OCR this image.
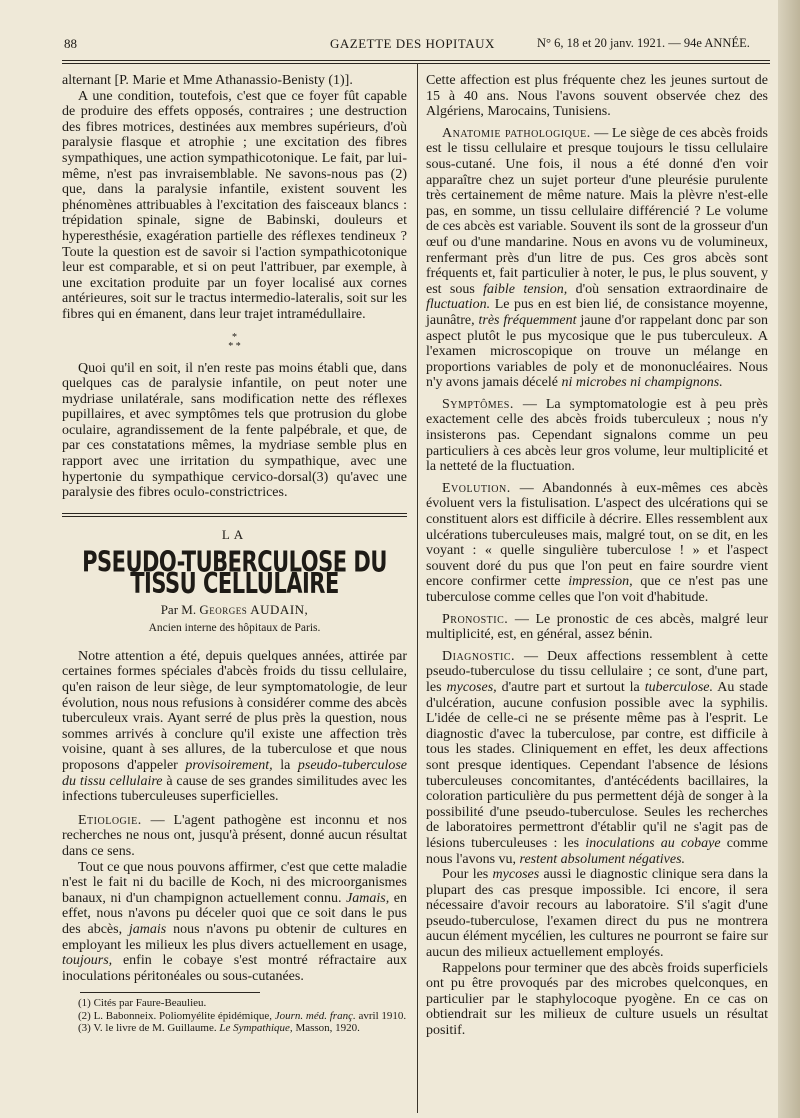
88	GAZETTE DES HOPITAUX	N° 6, 18 et 20 janv. 1921. — 94e ANNÉE.

alternant [P. Marie et Mme Athanassio-Benisty (1)].

A une condition, toutefois, c'est que ce foyer fût capable de produire des effets opposés, contraires ; une destruction des fibres motrices, destinées aux membres supérieurs, d'où paralysie flasque et atrophie ; une excitation des fibres sympathiques, une action sympathicotonique. Le fait, par lui-même, n'est pas invraisemblable. Ne savons-nous pas (2) que, dans la paralysie infantile, existent souvent les phénomènes attribuables à l'excitation des faisceaux blancs : trépidation spinale, signe de Babinski, douleurs et hyperesthésie, exagération partielle des réflexes tendineux ? Toute la question est de savoir si l'action sympathicotonique leur est comparable, et si on peut l'attribuer, par exemple, à une excitation produite par un foyer localisé aux cornes antérieures, soit sur le tractus intermedio-lateralis, soit sur les fibres qui en émanent, dans leur trajet intramédullaire.

*
* *

Quoi qu'il en soit, il n'en reste pas moins établi que, dans quelques cas de paralysie infantile, on peut noter une mydriase unilatérale, sans modification nette des réflexes pupillaires, et avec symptômes tels que protrusion du globe oculaire, agrandissement de la fente palpébrale, et que, de par ces constatations mêmes, la mydriase semble plus en rapport avec une irritation du sympathique, avec une hypertonie du sympathique cervico-dorsal(3) qu'avec une paralysie des fibres oculo-constrictrices.

LA
PSEUDO-TUBERCULOSE DU TISSU CELLULAIRE
Par M. Georges AUDAIN,
Ancien interne des hôpitaux de Paris.

Notre attention a été, depuis quelques années, attirée par certaines formes spéciales d'abcès froids du tissu cellulaire, qu'en raison de leur siège, de leur symptomatologie, de leur évolution, nous nous refusions à considérer comme des abcès tuberculeux vrais. Ayant serré de plus près la question, nous sommes arrivés à conclure qu'il existe une affection très voisine, quant à ses allures, de la tuberculose et que nous proposons d'appeler provisoirement, la pseudo-tuberculose du tissu cellulaire à cause de ses grandes similitudes avec les infections tuberculeuses superficielles.

Etiologie. — L'agent pathogène est inconnu et nos recherches ne nous ont, jusqu'à présent, donné aucun résultat dans ce sens.

Tout ce que nous pouvons affirmer, c'est que cette maladie n'est le fait ni du bacille de Koch, ni des microorganismes banaux, ni d'un champignon actuellement connu. Jamais, en effet, nous n'avons pu déceler quoi que ce soit dans le pus des abcès, jamais nous n'avons pu obtenir de cultures en employant les milieux les plus divers actuellement en usage, toujours, enfin le cobaye s'est montré réfractaire aux inoculations péritonéales ou sous-cutanées.

(1) Cités par Faure-Beaulieu.

(2) L. Babonneix. Poliomyélite épidémique, Journ. méd. franç. avril 1910.

(3) V. le livre de M. Guillaume. Le Sympathique, Masson, 1920.

Cette affection est plus fréquente chez les jeunes surtout de 15 à 40 ans. Nous l'avons souvent observée chez des Algériens, Marocains, Tunisiens.

Anatomie pathologique. — Le siège de ces abcès froids est le tissu cellulaire et presque toujours le tissu cellulaire sous-cutané. Une fois, il nous a été donné d'en voir apparaître chez un sujet porteur d'une pleurésie purulente très certainement de même nature. Mais la plèvre n'est-elle pas, en somme, un tissu cellulaire différencié ? Le volume de ces abcès est variable. Souvent ils sont de la grosseur d'un œuf ou d'une mandarine. Nous en avons vu de volumineux, renfermant près d'un litre de pus. Ces gros abcès sont fréquents et, fait particulier à noter, le pus, le plus souvent, y est sous faible tension, d'où sensation extraordinaire de fluctuation. Le pus en est bien lié, de consistance moyenne, jaunâtre, très fréquemment jaune d'or rappelant donc par son aspect plutôt le pus mycosique que le pus tuberculeux. A l'examen microscopique on trouve un mélange en proportions variables de poly et de mononucléaires. Nous n'y avons jamais décelé ni microbes ni champignons.

Symptômes. — La symptomatologie est à peu près exactement celle des abcès froids tuberculeux ; nous n'y insisterons pas. Cependant signalons comme un peu particuliers à ces abcès leur gros volume, leur multiplicité et la netteté de la fluctuation.

Evolution. — Abandonnés à eux-mêmes ces abcès évoluent vers la fistulisation. L'aspect des ulcérations qui se constituent alors est difficile à décrire. Elles ressemblent aux ulcérations tuberculeuses mais, malgré tout, on se dit, en les voyant : « quelle singulière tuberculose ! » et l'aspect souvent doré du pus que l'on peut en faire sourdre vient encore confirmer cette impression, que ce n'est pas une tuberculose comme celles que l'on voit d'habitude.

Pronostic. — Le pronostic de ces abcès, malgré leur multiplicité, est, en général, assez bénin.

Diagnostic. — Deux affections ressemblent à cette pseudo-tuberculose du tissu cellulaire ; ce sont, d'une part, les mycoses, d'autre part et surtout la tuberculose. Au stade d'ulcération, aucune confusion possible avec la syphilis. L'idée de celle-ci ne se présente même pas à l'esprit. Le diagnostic d'avec la tuberculose, par contre, est difficile à tous les stades. Cliniquement en effet, les deux affections sont presque identiques. Cependant l'absence de lésions tuberculeuses concomitantes, d'antécédents bacillaires, la coloration particulière du pus permettent déjà de songer à la possibilité d'une pseudo-tuberculose. Seules les recherches de laboratoires permettront d'établir qu'il ne s'agit pas de lésions tuberculeuses : les inoculations au cobaye comme nous l'avons vu, restent absolument négatives.

Pour les mycoses aussi le diagnostic clinique sera dans la plupart des cas presque impossible. Ici encore, il sera nécessaire d'avoir recours au laboratoire. S'il s'agit d'une pseudo-tuberculose, l'examen direct du pus ne montrera aucun élément mycélien, les cultures ne pourront se faire sur aucun des milieux actuellement employés.

Rappelons pour terminer que des abcès froids superficiels ont pu être provoqués par des microbes quelconques, en particulier par le staphylocoque pyogène. En ce cas on obtiendrait sur les milieux de culture usuels un résultat positif.
